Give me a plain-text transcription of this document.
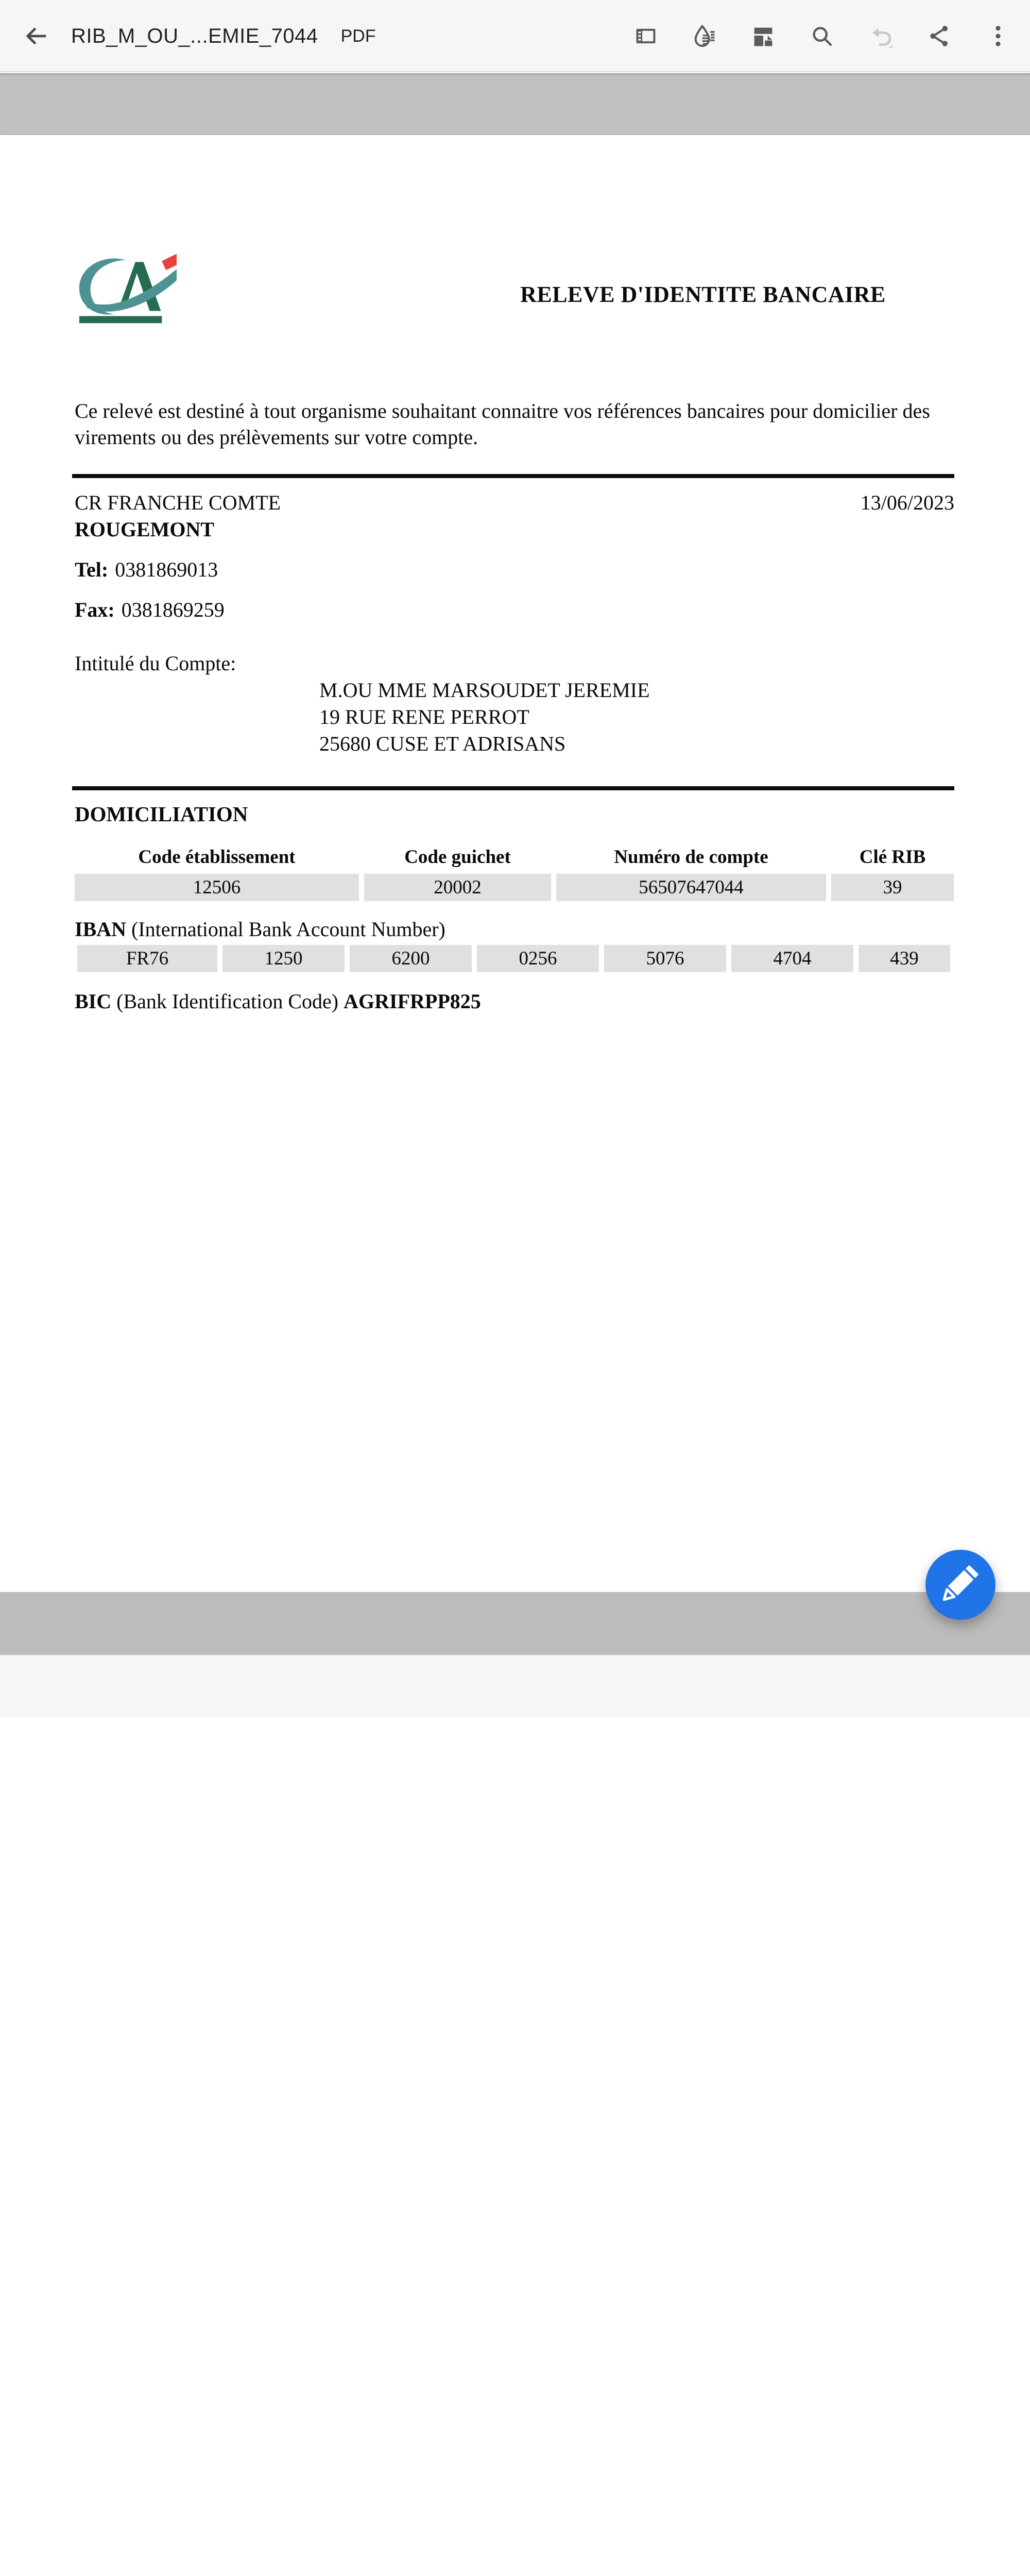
RIB_M_OU_...EMIE_7044 PDF
RELEVE D'IDENTITE BANCAIRE

Ce relevé est destiné à tout organisme souhaitant connaitre vos références bancaires pour domicilier des virements ou des prélèvements sur votre compte.

CR FRANCHE COMTE	13/06/2023
ROUGEMONT
Tel: 0381869013
Fax: 0381869259
Intitulé du Compte:
M.OU MME MARSOUDET JEREMIE
19 RUE RENE PERROT
25680 CUSE ET ADRISANS
DOMICILIATION
Code établissement	Code guichet	Numéro de compte	Clé RIB
12506	20002	56507647044	39
IBAN (International Bank Account Number)
FR76	1250	6200	0256	5076	4704	439
BIC (Bank Identification Code) AGRIFRPP825
